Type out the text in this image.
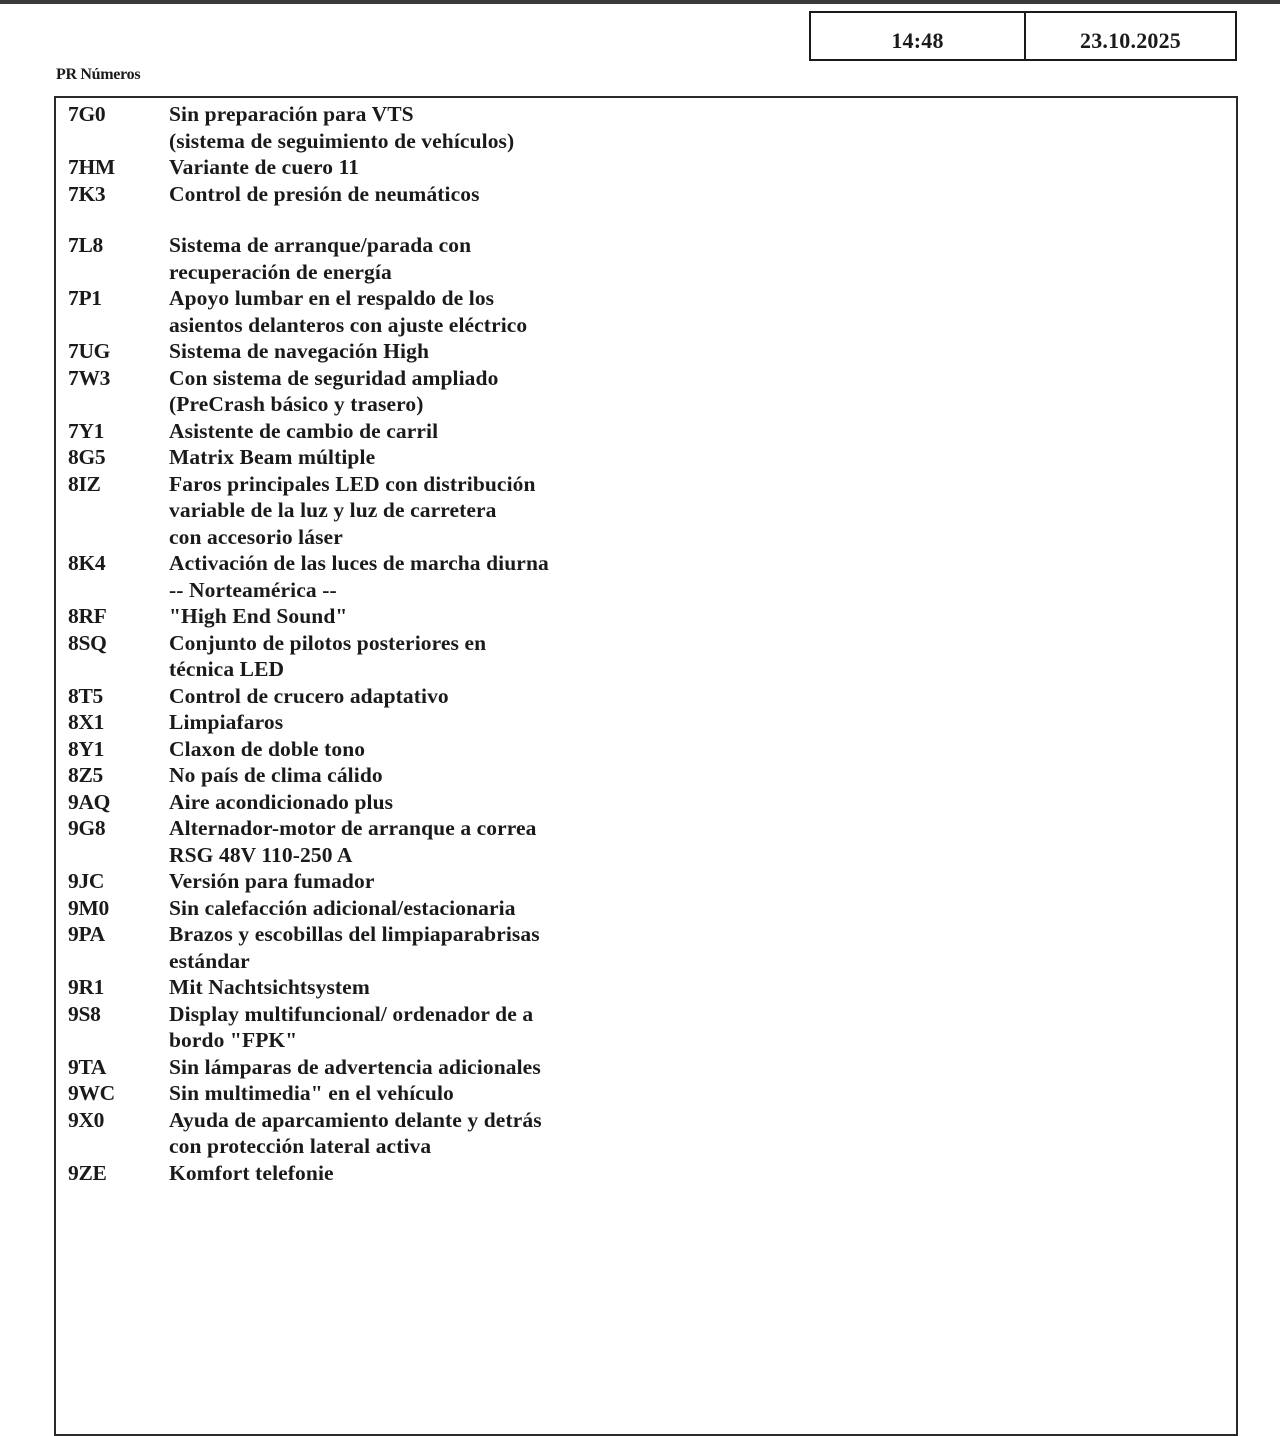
14:48	23.10.2025
PR Números
7G0	Sin preparación para VTS
(sistema de seguimiento de vehículos)
7HM	Variante de cuero 11
7K3	Control de presión de neumáticos
7L8	Sistema de arranque/parada con
recuperación de energía
7P1	Apoyo lumbar en el respaldo de los
asientos delanteros con ajuste eléctrico
7UG	Sistema de navegación High
7W3	Con sistema de seguridad ampliado
(PreCrash básico y trasero)
7Y1	Asistente de cambio de carril
8G5	Matrix Beam múltiple
8IZ	Faros principales LED con distribución
variable de la luz y luz de carretera
con accesorio láser
8K4	Activación de las luces de marcha diurna
-- Norteamérica --
8RF	"High End Sound"
8SQ	Conjunto de pilotos posteriores en
técnica LED
8T5	Control de crucero adaptativo
8X1	Limpiafaros
8Y1	Claxon de doble tono
8Z5	No país de clima cálido
9AQ	Aire acondicionado plus
9G8	Alternador-motor de arranque a correa
RSG 48V 110-250 A
9JC	Versión para fumador
9M0	Sin calefacción adicional/estacionaria
9PA	Brazos y escobillas del limpiaparabrisas
estándar
9R1	Mit Nachtsichtsystem
9S8	Display multifuncional/ ordenador de a
bordo "FPK"
9TA	Sin lámparas de advertencia adicionales
9WC	Sin multimedia" en el vehículo
9X0	Ayuda de aparcamiento delante y detrás
con protección lateral activa
9ZE	Komfort telefonie
